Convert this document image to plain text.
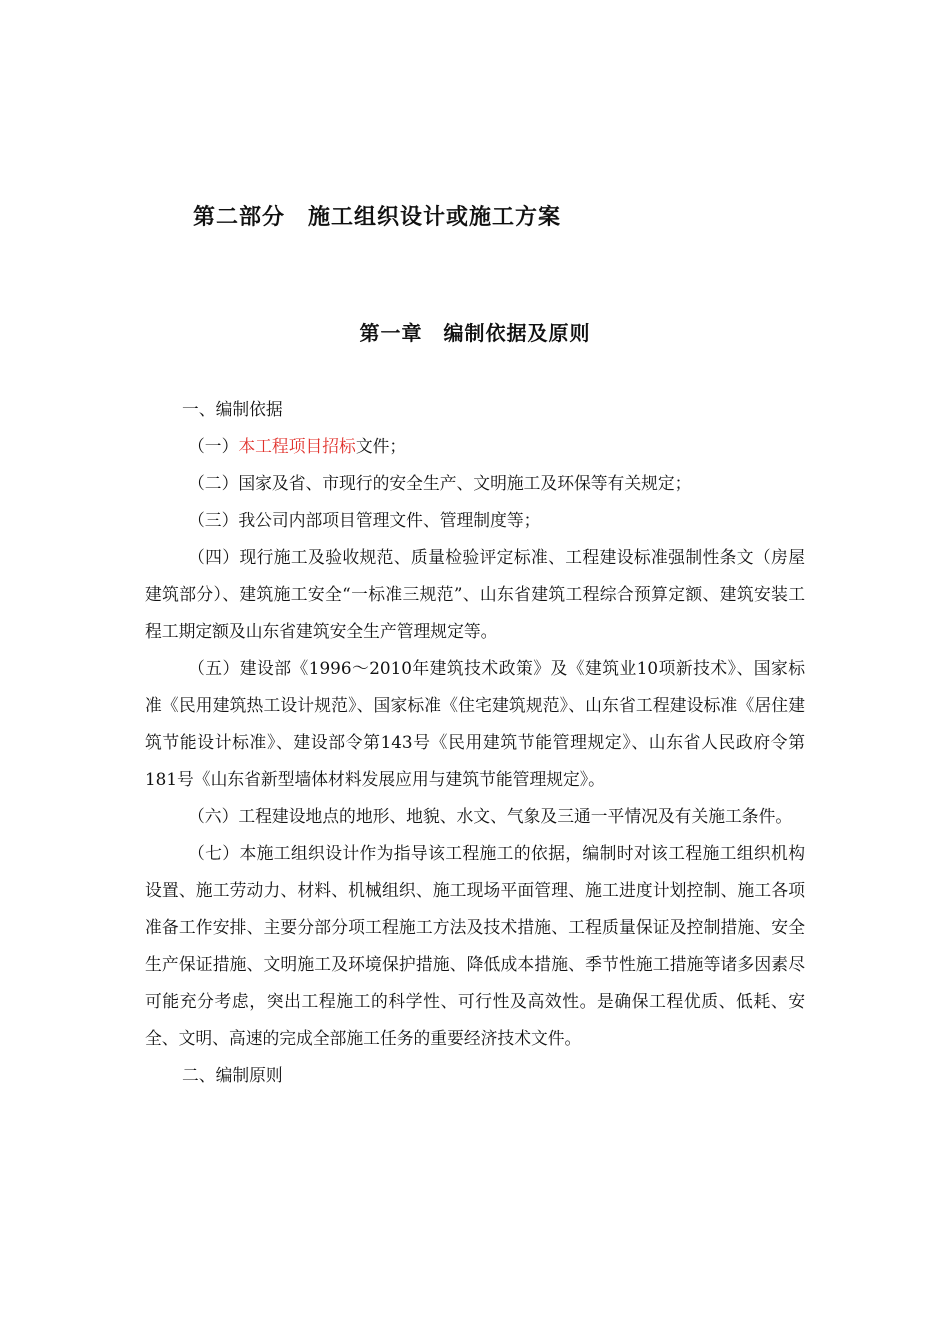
第二部分　施工组织设计或施工方案
第一章　编制依据及原则

一、编制依据

（一）本工程项目招标文件；

（二）国家及省、市现行的安全生产、文明施工及环保等有关规定；

（三）我公司内部项目管理文件、管理制度等；

（四）现行施工及验收规范、质量检验评定标准、工程建设标准强制性条文（房屋建筑部分）、建筑施工安全“一标准三规范”、山东省建筑工程综合预算定额、建筑安装工程工期定额及山东省建筑安全生产管理规定等。

（五）建设部《1996～2010年建筑技术政策》及《建筑业10项新技术》、国家标准《民用建筑热工设计规范》、国家标准《住宅建筑规范》、山东省工程建设标准《居住建筑节能设计标准》、建设部令第143号《民用建筑节能管理规定》、山东省人民政府令第181号《山东省新型墙体材料发展应用与建筑节能管理规定》。

（六）工程建设地点的地形、地貌、水文、气象及三通一平情况及有关施工条件。

（七）本施工组织设计作为指导该工程施工的依据，编制时对该工程施工组织机构设置、施工劳动力、材料、机械组织、施工现场平面管理、施工进度计划控制、施工各项准备工作安排、主要分部分项工程施工方法及技术措施、工程质量保证及控制措施、安全生产保证措施、文明施工及环境保护措施、降低成本措施、季节性施工措施等诸多因素尽可能充分考虑，突出工程施工的科学性、可行性及高效性。是确保工程优质、低耗、安全、文明、高速的完成全部施工任务的重要经济技术文件。

二、编制原则
